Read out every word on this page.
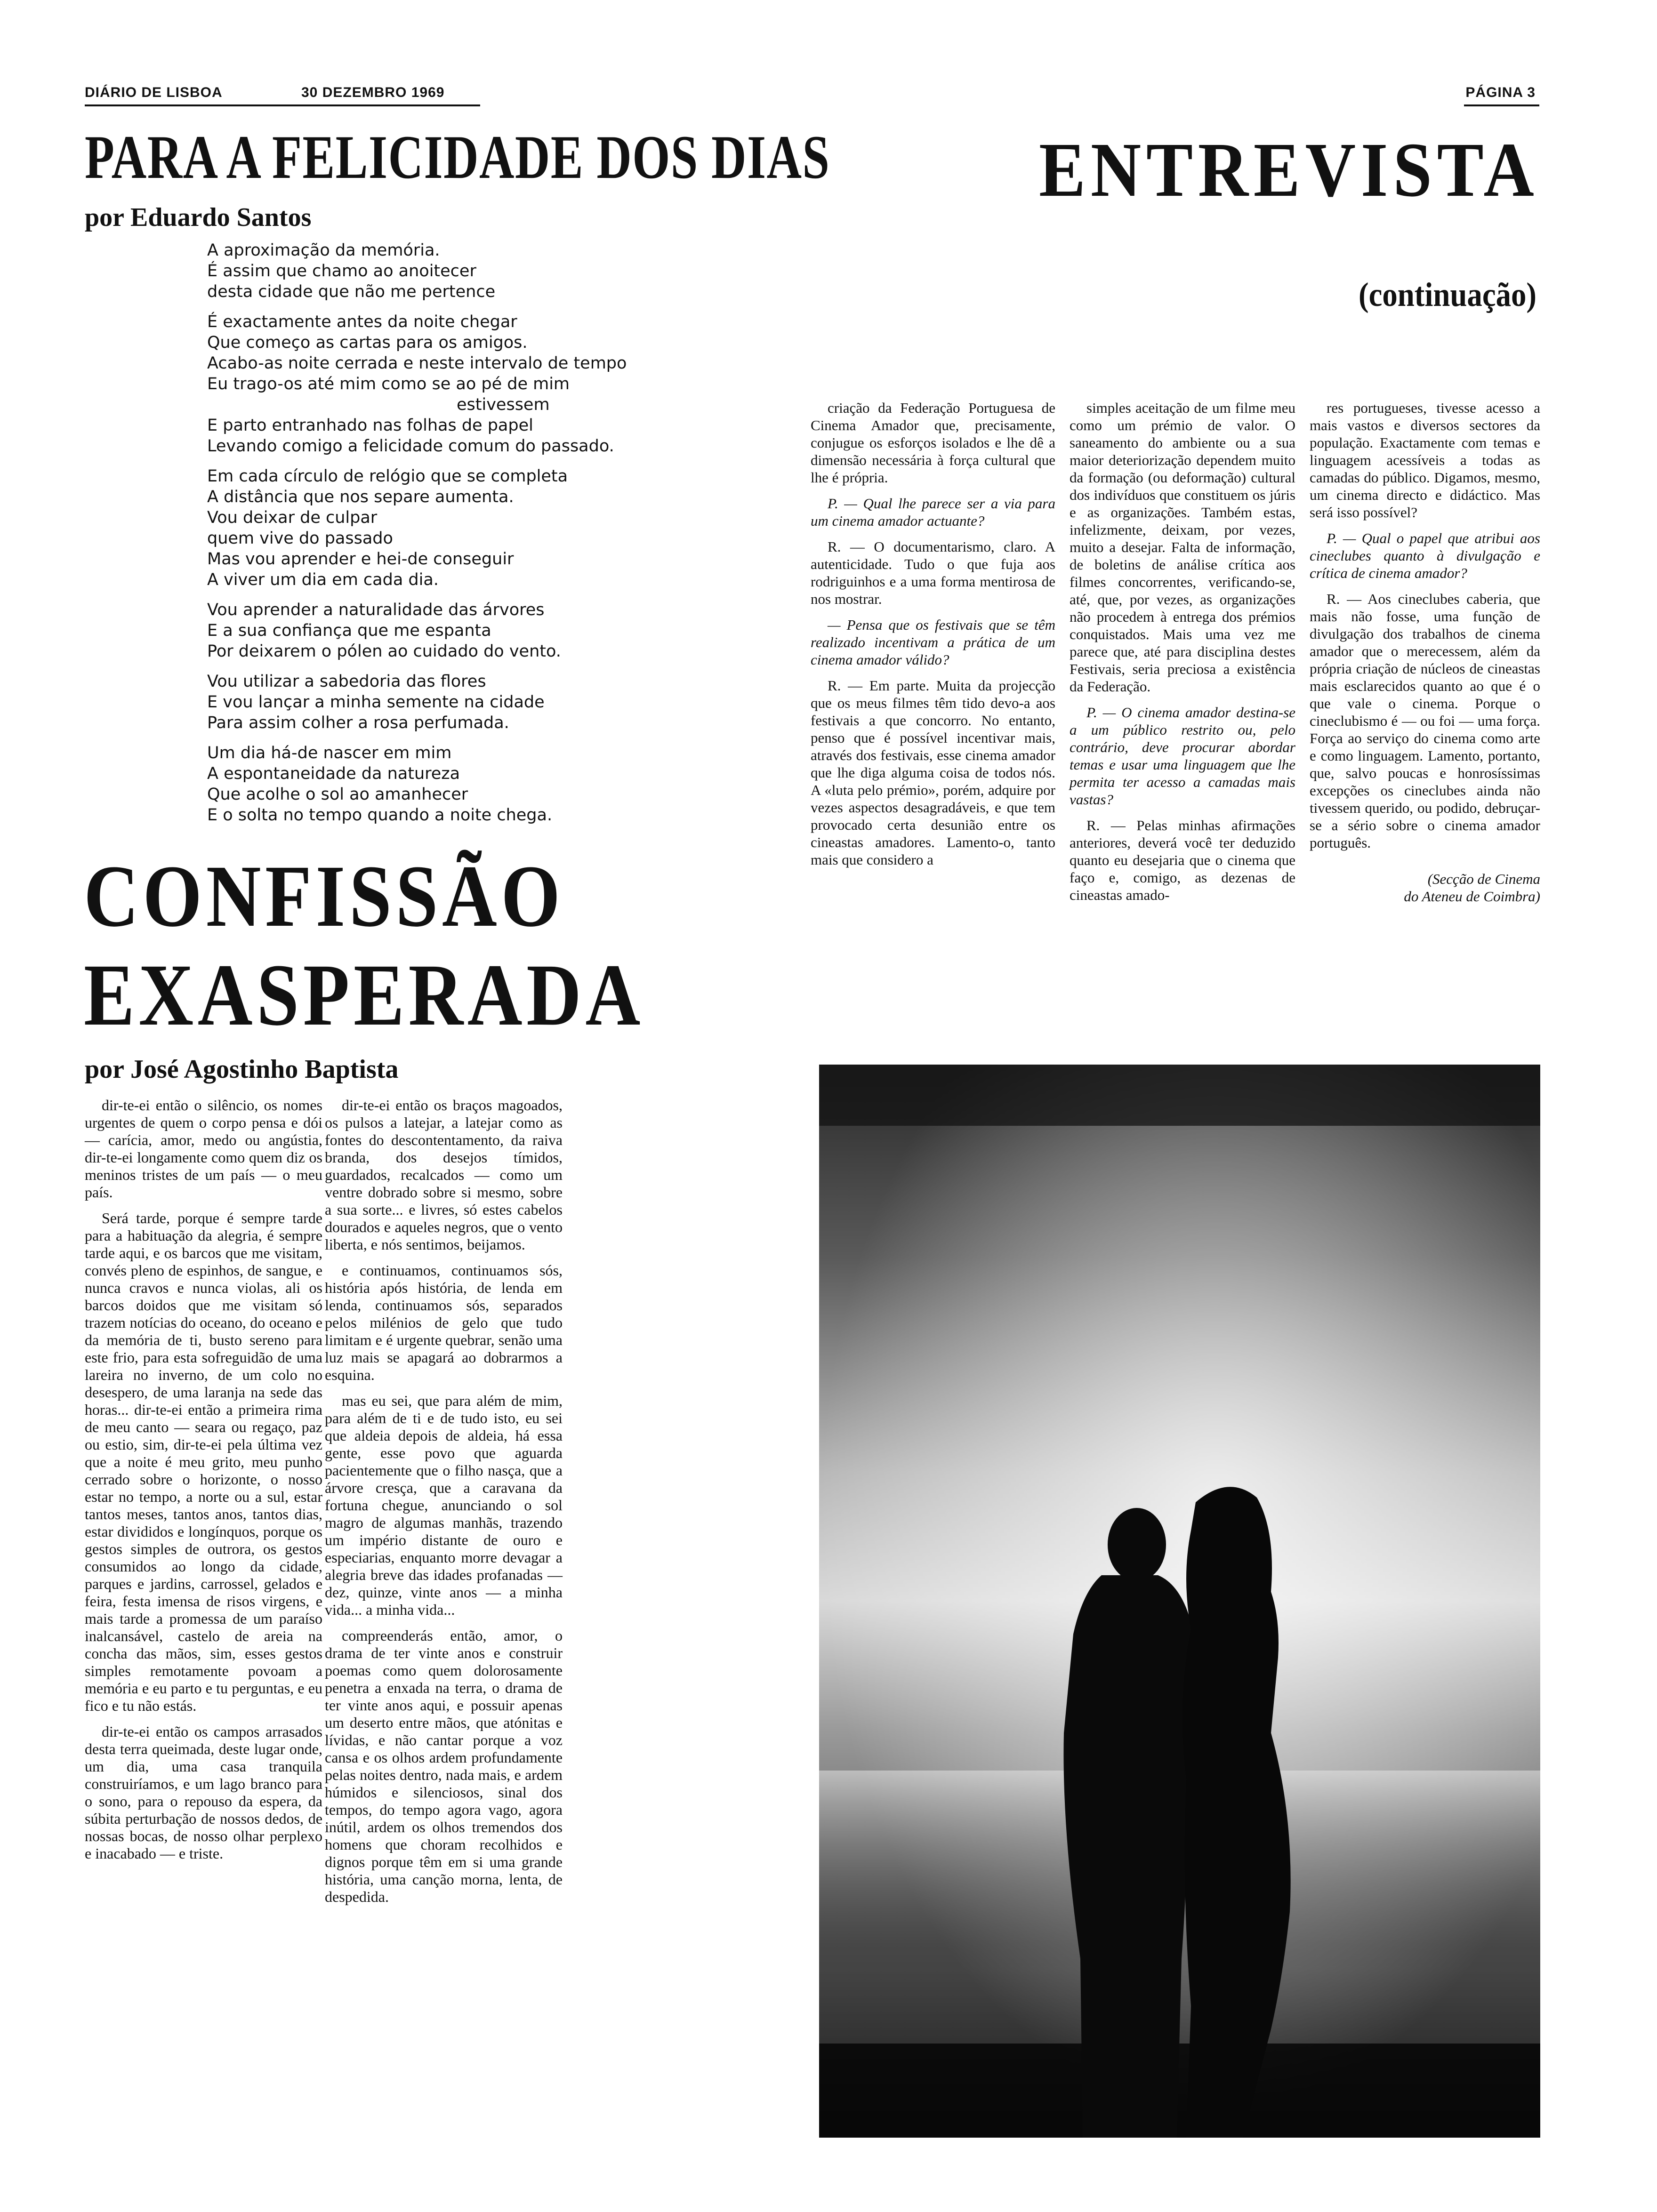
DIÁRIO DE LISBOA	30 DEZEMBRO 1969	PÁGINA 3
PARA A FELICIDADE DOS DIAS
por Eduardo Santos
A aproximação da memória.
É assim que chamo ao anoitecer
desta cidade que não me pertence
É exactamente antes da noite chegar
Que começo as cartas para os amigos.
Acabo-as noite cerrada e neste intervalo de tempo
Eu trago-os até mim como se ao pé de mim
estivessem
E parto entranhado nas folhas de papel
Levando comigo a felicidade comum do passado.
Em cada círculo de relógio que se completa
A distância que nos separe aumenta.
Vou deixar de culpar
quem vive do passado
Mas vou aprender e hei-de conseguir
A viver um dia em cada dia.
Vou aprender a naturalidade das árvores
E a sua confiança que me espanta
Por deixarem o pólen ao cuidado do vento.
Vou utilizar a sabedoria das flores
E vou lançar a minha semente na cidade
Para assim colher a rosa perfumada.
Um dia há-de nascer em mim
A espontaneidade da natureza
Que acolhe o sol ao amanhecer
E o solta no tempo quando a noite chega.
ENTREVISTA
(continuação)

criação da Federação Portuguesa de Cinema Amador que, precisamente, conjugue os esforços isolados e lhe dê a dimensão necessária à força cultural que lhe é própria.

P. — Qual lhe parece ser a via para um cinema amador actuante?

R. — O documentarismo, claro. A autenticidade. Tudo o que fuja aos rodriguinhos e a uma forma mentirosa de nos mostrar.

— Pensa que os festivais que se têm realizado incentivam a prática de um cinema amador válido?

R. — Em parte. Muita da projecção que os meus filmes têm tido devo-a aos festivais a que concorro. No entanto, penso que é possível incentivar mais, através dos festivais, esse cinema amador que lhe diga alguma coisa de todos nós. A «luta pelo prémio», porém, adquire por vezes aspectos desagradáveis, e que tem provocado certa desunião entre os cineastas amadores. Lamento-o, tanto mais que considero a

simples aceitação de um filme meu como um prémio de valor. O saneamento do ambiente ou a sua maior deteriorização dependem muito da formação (ou deformação) cultural dos indivíduos que constituem os júris e as organizações. Também estas, infelizmente, deixam, por vezes, muito a desejar. Falta de informação, de boletins de análise crítica aos filmes concorrentes, verificando-se, até, que, por vezes, as organizações não procedem à entrega dos prémios conquistados. Mais uma vez me parece que, até para disciplina destes Festivais, seria preciosa a existência da Federação.

P. — O cinema amador destina-se a um público restrito ou, pelo contrário, deve procurar abordar temas e usar uma linguagem que lhe permita ter acesso a camadas mais vastas?

R. — Pelas minhas afirmações anteriores, deverá você ter deduzido quanto eu desejaria que o cinema que faço e, comigo, as dezenas de cineastas amado-

res portugueses, tivesse acesso a mais vastos e diversos sectores da população. Exactamente com temas e linguagem acessíveis a todas as camadas do público. Digamos, mesmo, um cinema directo e didáctico. Mas será isso possível?

P. — Qual o papel que atribui aos cineclubes quanto à divulgação e crítica de cinema amador?

R. — Aos cineclubes caberia, que mais não fosse, uma função de divulgação dos trabalhos de cinema amador que o merecessem, além da própria criação de núcleos de cineastas mais esclarecidos quanto ao que é o que vale o cinema. Porque o cineclubismo é — ou foi — uma força. Força ao serviço do cinema como arte e como linguagem. Lamento, portanto, que, salvo poucas e honrosíssimas excepções os cineclubes ainda não tivessem querido, ou podido, debruçar-se a sério sobre o cinema amador português.

(Secção de Cinema
do Ateneu de Coimbra)
CONFISSÃO
EXASPERADA
por José Agostinho Baptista

dir-te-ei então o silêncio, os nomes urgentes de quem o corpo pensa e dói — carícia, amor, medo ou angústia, dir-te-ei longamente como quem diz os meninos tristes de um país — o meu país.

Será tarde, porque é sempre tarde para a habituação da alegria, é sempre tarde aqui, e os barcos que me visitam, convés pleno de espinhos, de sangue, e nunca cravos e nunca violas, ali os barcos doidos que me visitam só trazem notícias do oceano, do oceano e da memória de ti, busto sereno para este frio, para esta sofreguidão de uma lareira no inverno, de um colo no desespero, de uma laranja na sede das horas... dir-te-ei então a primeira rima de meu canto — seara ou regaço, paz ou estio, sim, dir-te-ei pela última vez que a noite é meu grito, meu punho cerrado sobre o horizonte, o nosso estar no tempo, a norte ou a sul, estar tantos meses, tantos anos, tantos dias, estar divididos e longínquos, porque os gestos simples de outrora, os gestos consumidos ao longo da cidade, parques e jardins, carrossel, gelados e feira, festa imensa de risos virgens, e mais tarde a promessa de um paraíso inalcansável, castelo de areia na concha das mãos, sim, esses gestos simples remotamente povoam a memória e eu parto e tu perguntas, e eu fico e tu não estás.

dir-te-ei então os campos arrasados desta terra queimada, deste lugar onde, um dia, uma casa tranquila construiríamos, e um lago branco para o sono, para o repouso da espera, da súbita perturbação de nossos dedos, de nossas bocas, de nosso olhar perplexo e inacabado — e triste.

dir-te-ei então os braços magoados, os pulsos a latejar, a latejar como as fontes do descontentamento, da raiva branda, dos desejos tímidos, guardados, recalcados — como um ventre dobrado sobre si mesmo, sobre a sua sorte... e livres, só estes cabelos dourados e aqueles negros, que o vento liberta, e nós sentimos, beijamos.

e continuamos, continuamos sós, história após história, de lenda em lenda, continuamos sós, separados pelos milénios de gelo que tudo limitam e é urgente quebrar, senão uma luz mais se apagará ao dobrarmos a esquina.

mas eu sei, que para além de mim, para além de ti e de tudo isto, eu sei que aldeia depois de aldeia, há essa gente, esse povo que aguarda pacientemente que o filho nasça, que a árvore cresça, que a caravana da fortuna chegue, anunciando o sol magro de algumas manhãs, trazendo um império distante de ouro e especiarias, enquanto morre devagar a alegria breve das idades profanadas — dez, quinze, vinte anos — a minha vida... a minha vida...

compreenderás então, amor, o drama de ter vinte anos e construir poemas como quem dolorosamente penetra a enxada na terra, o drama de ter vinte anos aqui, e possuir apenas um deserto entre mãos, que atónitas e lívidas, e não cantar porque a voz cansa e os olhos ardem profundamente pelas noites dentro, nada mais, e ardem húmidos e silenciosos, sinal dos tempos, do tempo agora vago, agora inútil, ardem os olhos tremendos dos homens que choram recolhidos e dignos porque têm em si uma grande história, uma canção morna, lenta, de despedida.
